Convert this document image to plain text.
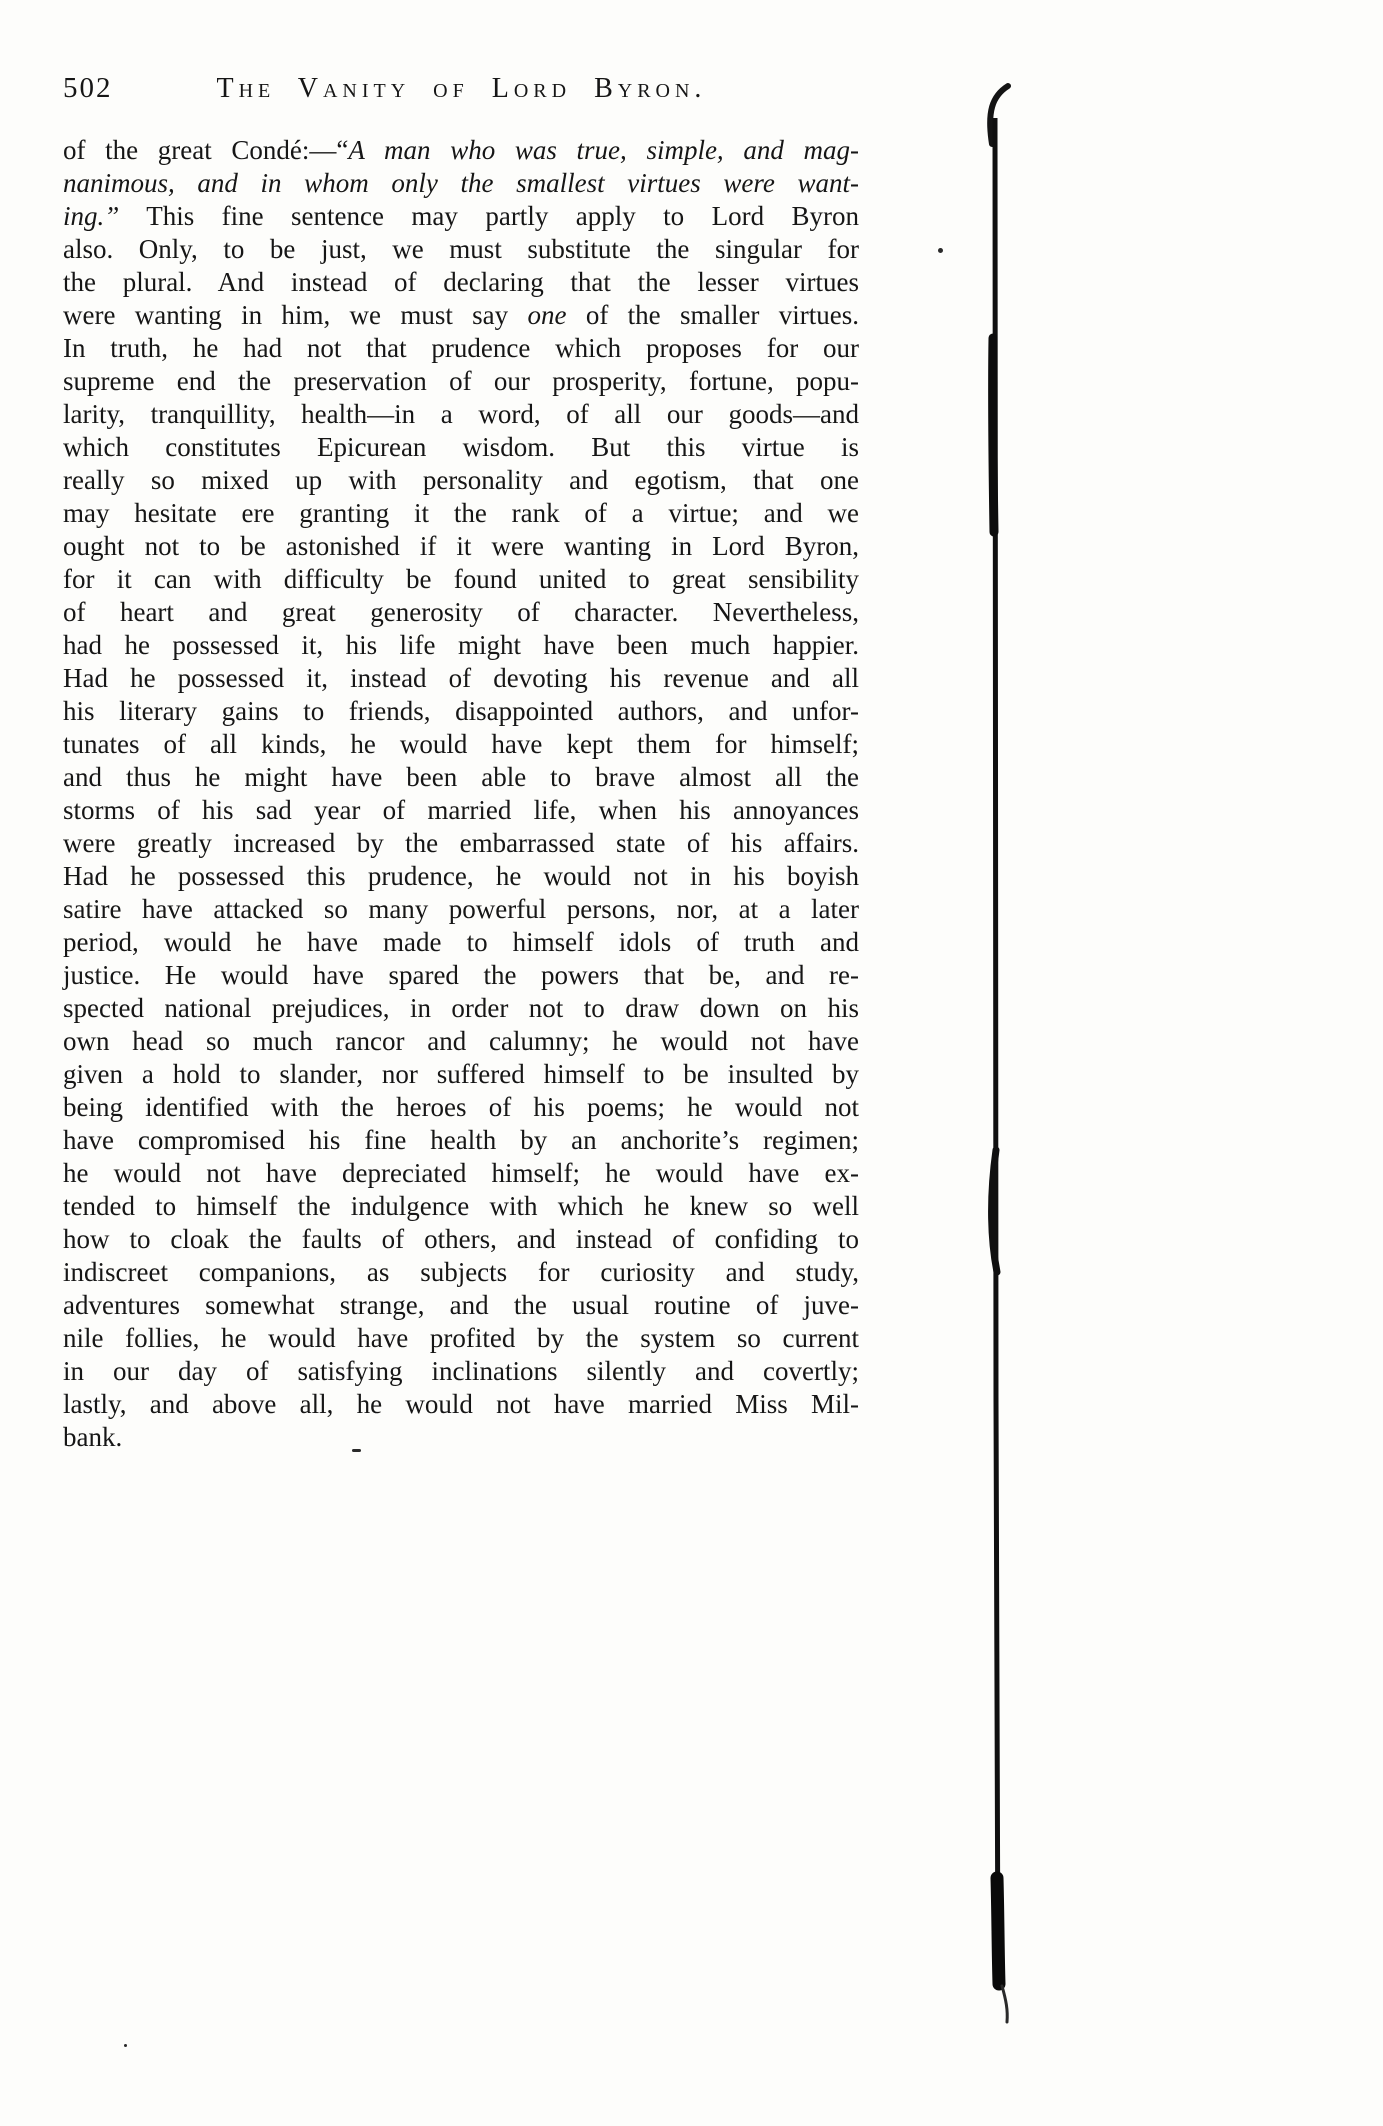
502	The Vanity of Lord Byron.
of the great Condé:—“A man who was true, simple, and mag-
nanimous, and in whom only the smallest virtues were want-
ing.” This fine sentence may partly apply to Lord Byron
also. Only, to be just, we must substitute the singular for
the plural. And instead of declaring that the lesser virtues
were wanting in him, we must say one of the smaller virtues.
In truth, he had not that prudence which proposes for our
supreme end the preservation of our prosperity, fortune, popu-
larity, tranquillity, health—in a word, of all our goods—and
which constitutes Epicurean wisdom. But this virtue is
really so mixed up with personality and egotism, that one
may hesitate ere granting it the rank of a virtue; and we
ought not to be astonished if it were wanting in Lord Byron,
for it can with difficulty be found united to great sensibility
of heart and great generosity of character. Nevertheless,
had he possessed it, his life might have been much happier.
Had he possessed it, instead of devoting his revenue and all
his literary gains to friends, disappointed authors, and unfor-
tunates of all kinds, he would have kept them for himself;
and thus he might have been able to brave almost all the
storms of his sad year of married life, when his annoyances
were greatly increased by the embarrassed state of his affairs.
Had he possessed this prudence, he would not in his boyish
satire have attacked so many powerful persons, nor, at a later
period, would he have made to himself idols of truth and
justice. He would have spared the powers that be, and re-
spected national prejudices, in order not to draw down on his
own head so much rancor and calumny; he would not have
given a hold to slander, nor suffered himself to be insulted by
being identified with the heroes of his poems; he would not
have compromised his fine health by an anchorite’s regimen;
he would not have depreciated himself; he would have ex-
tended to himself the indulgence with which he knew so well
how to cloak the faults of others, and instead of confiding to
indiscreet companions, as subjects for curiosity and study,
adventures somewhat strange, and the usual routine of juve-
nile follies, he would have profited by the system so current
in our day of satisfying inclinations silently and covertly;
lastly, and above all, he would not have married Miss Mil-
bank.
